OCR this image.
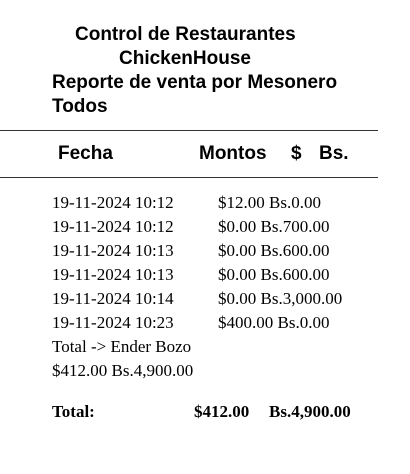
Control de Restaurantes
ChickenHouse
Reporte de venta por Mesonero
Todos
Fecha	Montos $ Bs.
19-11-2024 10:12	$12.00 Bs.0.00
19-11-2024 10:12	$0.00 Bs.700.00
19-11-2024 10:13	$0.00 Bs.600.00
19-11-2024 10:13	$0.00 Bs.600.00
19-11-2024 10:14	$0.00 Bs.3,000.00
19-11-2024 10:23	$400.00 Bs.0.00
Total -> Ender Bozo
$412.00 Bs.4,900.00
Total:	$412.00 Bs.4,900.00
